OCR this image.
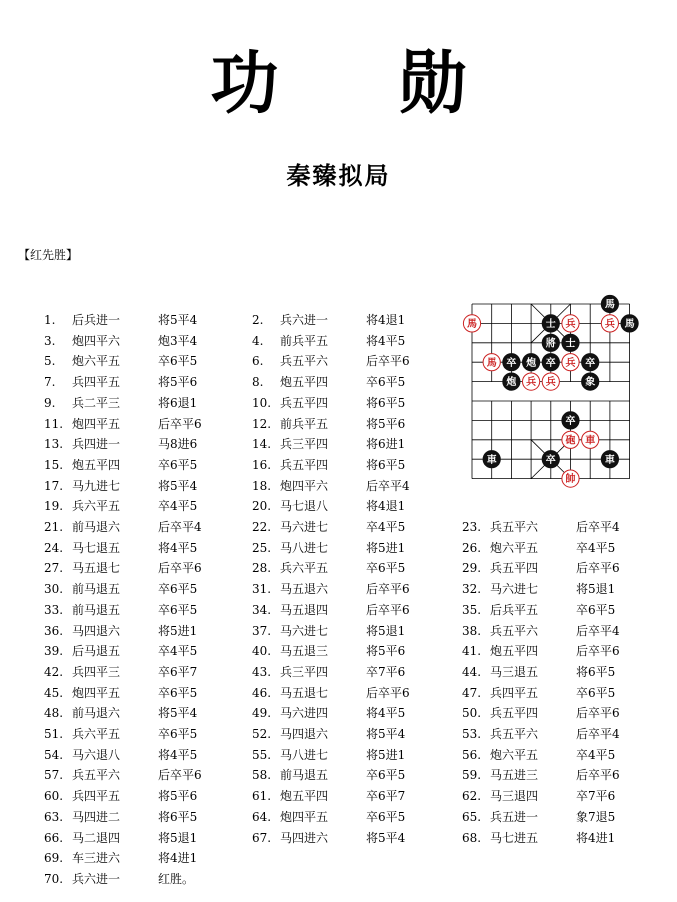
功 勋
秦臻拟局
【红先胜】
1. 后兵进一	将5平4	2. 兵六进一	将4退1
3. 炮四平六	炮3平4	4. 前兵平五	将4平5
5. 炮六平五	卒6平5	6. 兵五平六	后卒平6
7. 兵四平五	将5平6	8. 炮五平四	卒6平5
9. 兵二平三	将6退1	10. 兵五平四	将6平5
11. 炮四平五	后卒平6	12. 前兵平五	将5平6
13. 兵四进一	马8进6	14. 兵三平四	将6进1
15. 炮五平四	卒6平5	16. 兵五平四	将6平5
17. 马九进七	将5平4	18. 炮四平六	后卒平4
19. 兵六平五	卒4平5	20. 马七退八	将4退1
21. 前马退六	后卒平4	22. 马六进七	卒4平5	23. 兵五平六	后卒平4
24. 马七退五	将4平5	25. 马八进七	将5进1	26. 炮六平五	卒4平5
27. 马五退七	后卒平6	28. 兵六平五	卒6平5	29. 兵五平四	后卒平6
30. 前马退五	卒6平5	31. 马五退六	后卒平6	32. 马六进七	将5退1
33. 前马退五	卒6平5	34. 马五退四	后卒平6	35. 后兵平五	卒6平5
36. 马四退六	将5进1	37. 马六进七	将5退1	38. 兵五平六	后卒平4
39. 后马退五	卒4平5	40. 马五退三	将5平6	41. 炮五平四	后卒平6
42. 兵四平三	卒6平7	43. 兵三平四	卒7平6	44. 马三退五	将6平5
45. 炮四平五	卒6平5	46. 马五退七	后卒平6	47. 兵四平五	卒6平5
48. 前马退六	将5平4	49. 马六进四	将4平5	50. 兵五平四	后卒平6
51. 兵六平五	卒6平5	52. 马四退六	将5平4	53. 兵五平六	后卒平4
54. 马六退八	将4平5	55. 马八进七	将5进1	56. 炮六平五	卒4平5
57. 兵五平六	后卒平6	58. 前马退五	卒6平5	59. 马五进三	后卒平6
60. 兵四平五	将5平6	61. 炮五平四	卒6平7	62. 马三退四	卒7平6
63. 马四进二	将6平5	64. 炮四平五	卒6平5	65. 兵五进一	象7退5
66. 马二退四	将5退1	67. 马四进六	将5平4	68. 马七进五	将4进1
69. 车三进六	将4进1
70. 兵六进一	红胜。
馬
馬	士 兵	兵 馬
將 士
馬 卒 炮 卒 兵 卒
炮 兵 兵	象
卒
砲 車
車	卒	車
帥
